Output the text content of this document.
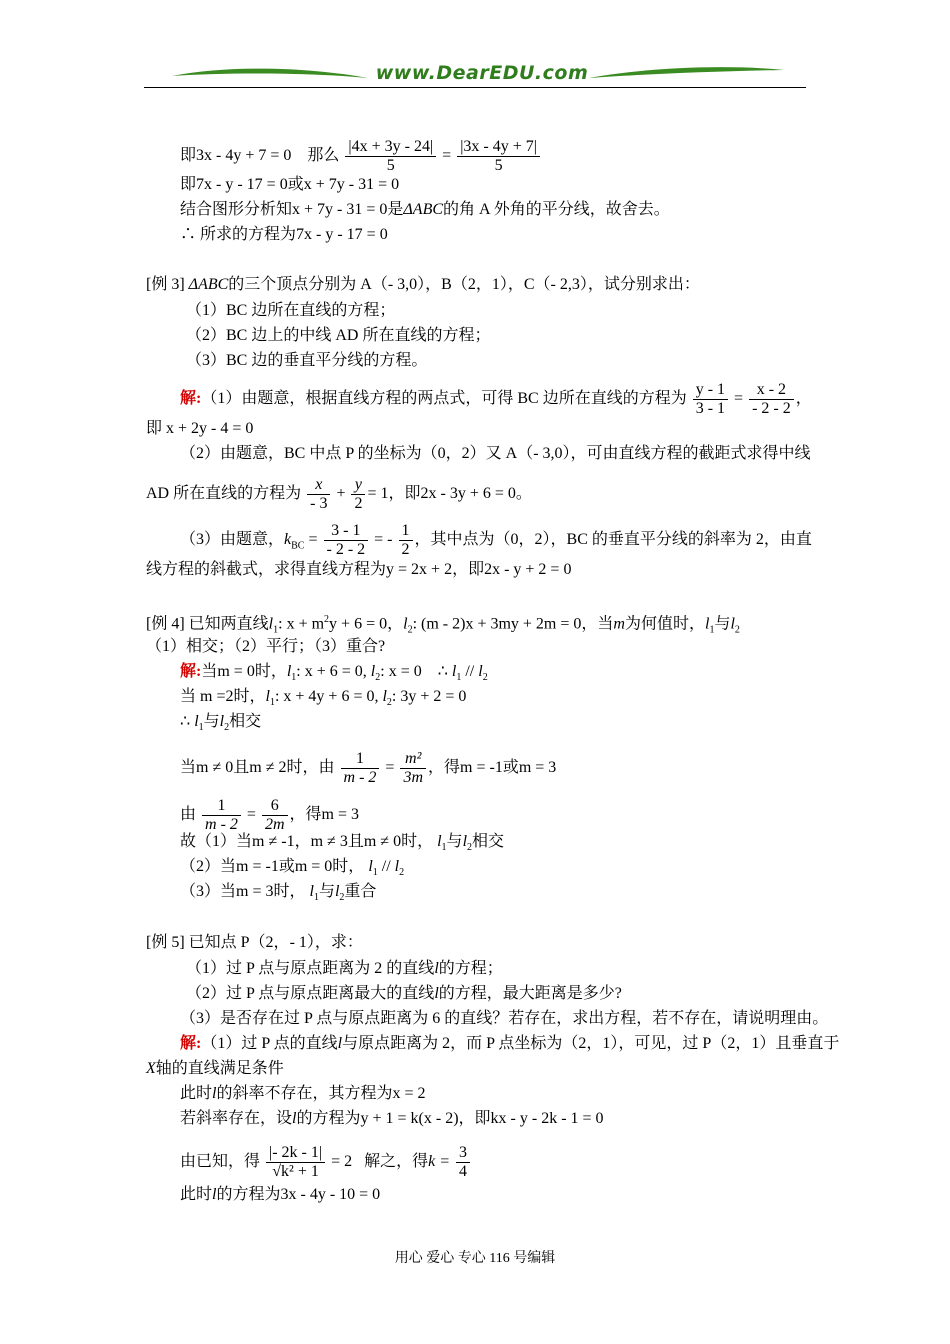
www.DearEDU.com
即3x - 4y + 7 = 0 那么 $\frac{|4x + 3y - 24|}{5} = \frac{|3x - 4y + 7|}{5}$
即7x - y - 17 = 0或x + 7y - 31 = 0
结合图形分析知x + 7y - 31 = 0是ΔABC的角 A 外角的平分线，故舍去。
∴ 所求的方程为7x - y - 17 = 0
[例 3] ΔABC的三个顶点分别为 A（- 3,0），B（2，1），C（- 2,3），试分别求出：
（1）BC 边所在直线的方程；
（2）BC 边上的中线 AD 所在直线的方程；
（3）BC 边的垂直平分线的方程。
解:（1）由题意，根据直线方程的两点式，可得 BC 边所在直线的方程为 $\frac{y - 1}{3 - 1} = \frac{x - 2}{- 2 - 2}$ ，
即 x + 2y - 4 = 0
（2）由题意，BC 中点 P 的坐标为（0，2）又 A（- 3,0），可由直线方程的截距式求得中线
AD 所在直线的方程为 $\frac{x}{- 3} + \frac{y}{2} = 1$，即2x - 3y + 6 = 0。
（3）由题意，$k_{BC} = \frac{3 - 1}{- 2 - 2}$ = - $\frac{1}{2}$ ，其中点为（0，2），BC 的垂直平分线的斜率为 2，由直
线方程的斜截式，求得直线方程为y = 2x + 2，即2x - y + 2 = 0
[例 4] 已知两直线$l_1$: $x + m^2y + 6 = 0$，$l_2$: (m - 2)x + 3my + 2m = 0，当m为何值时，$l_1$与$l_2$
（1）相交；（2）平行；（3）重合?
解:当m = 0时，$l_1$: x + 6 = 0, $l_2$: x = 0 ∴ $l_1 // l_2$
当 m =2时，$l_1$: x + 4y + 6 = 0, $l_2$: 3y + 2 = 0
∴ $l_1$与$l_2$相交
当m ≠ 0且m ≠ 2时，由 $\frac{1}{m - 2} = \frac{\text{m²}}{3m}$ ，得m = -1或m = 3
由 $\frac{1}{m - 2} = \frac{6}{2m}$ ，得m = 3
故（1）当m ≠ -1，m ≠ 3且m ≠ 0时， $l_1$与$l_2$相交
（2）当m = -1或m = 0时， $l_1 // l_2$
（3）当m = 3时， $l_1$与$l_2$重合
[例 5] 已知点 P（2，- 1），求：
（1）过 P 点与原点距离为 2 的直线l的方程；
（2）过 P 点与原点距离最大的直线l的方程，最大距离是多少?
（3）是否存在过 P 点与原点距离为 6 的直线？若存在，求出方程，若不存在，请说明理由。
解:（1）过 P 点的直线l与原点距离为 2，而 P 点坐标为（2，1），可见，过 P（2，1）且垂直于
X轴的直线满足条件
此时l的斜率不存在，其方程为x = 2
若斜率存在，设l的方程为y + 1 = k(x - 2)，即kx - y - 2k - 1 = 0
由已知，得 $\frac{|- 2k - 1|}{\text{√k² + 1}} = 2$ 解之，得$k = \frac{3}{4}$
此时l的方程为3x - 4y - 10 = 0
用心 爱心 专心 116 号编辑
